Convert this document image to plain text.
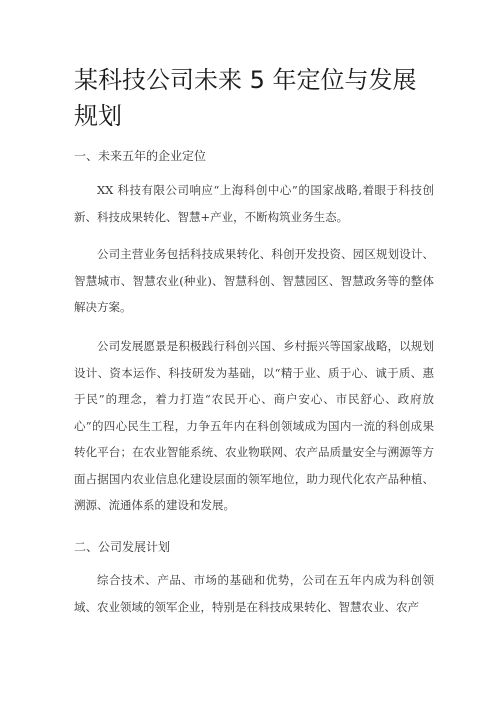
某科技公司未来 5 年定位与发展规划

一、未来五年的企业定位

XX 科技有限公司响应“上海科创中心”的国家战略,着眼于科技创新、科技成果转化、智慧+产业，不断构筑业务生态。

公司主营业务包括科技成果转化、科创开发投资、园区规划设计、智慧城市、智慧农业(种业)、智慧科创、智慧园区、智慧政务等的整体解决方案。

公司发展愿景是积极践行科创兴国、乡村振兴等国家战略，以规划设计、资本运作、科技研发为基础，以“精于业、质于心、诚于质、惠于民”的理念，着力打造“农民开心、商户安心、市民舒心、政府放心”的四心民生工程，力争五年内在科创领域成为国内一流的科创成果转化平台；在农业智能系统、农业物联网、农产品质量安全与溯源等方面占据国内农业信息化建设层面的领军地位，助力现代化农产品种植、溯源、流通体系的建设和发展。

二、公司发展计划

综合技术、产品、市场的基础和优势，公司在五年内成为科创领域、农业领域的领军企业，特别是在科技成果转化、智慧农业、农产
